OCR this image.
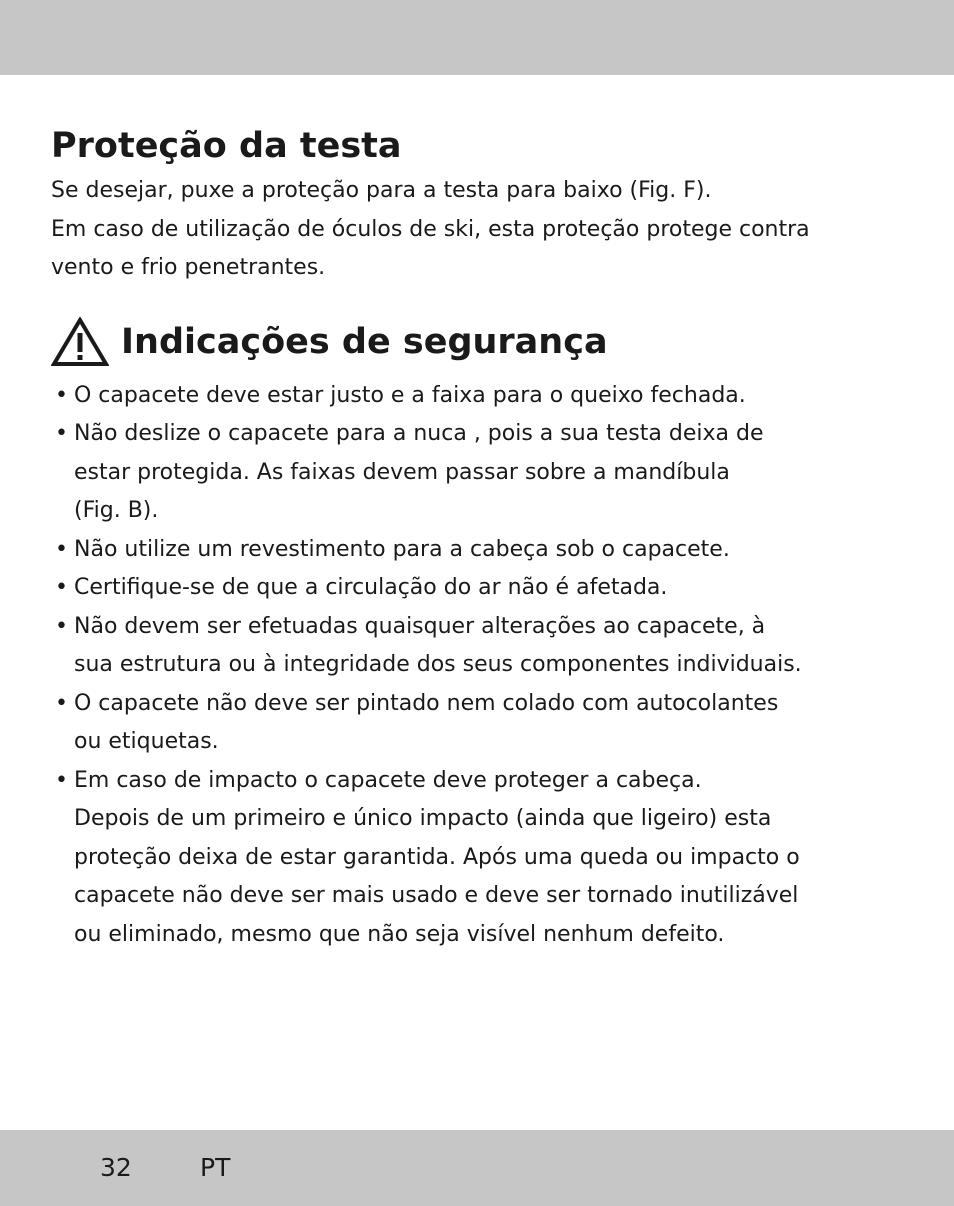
Proteção da testa

Se desejar, puxe a proteção para a testa para baixo (Fig. F).
Em caso de utilização de óculos de ski, esta proteção protege contra
vento e frio penetrantes.

Indicações de segurança
• O capacete deve estar justo e a faixa para o queixo fechada.
• Não deslize o capacete para a nuca , pois a sua testa deixa de
estar protegida. As faixas devem passar sobre a mandíbula
(Fig. B).
• Não utilize um revestimento para a cabeça sob o capacete.
• Certifique-se de que a circulação do ar não é afetada.
• Não devem ser efetuadas quaisquer alterações ao capacete, à
sua estrutura ou à integridade dos seus componentes individuais.
• O capacete não deve ser pintado nem colado com autocolantes
ou etiquetas.
• Em caso de impacto o capacete deve proteger a cabeça.
Depois de um primeiro e único impacto (ainda que ligeiro) esta
proteção deixa de estar garantida. Após uma queda ou impacto o
capacete não deve ser mais usado e deve ser tornado inutilizável
ou eliminado, mesmo que não seja visível nenhum defeito.
32	PT
